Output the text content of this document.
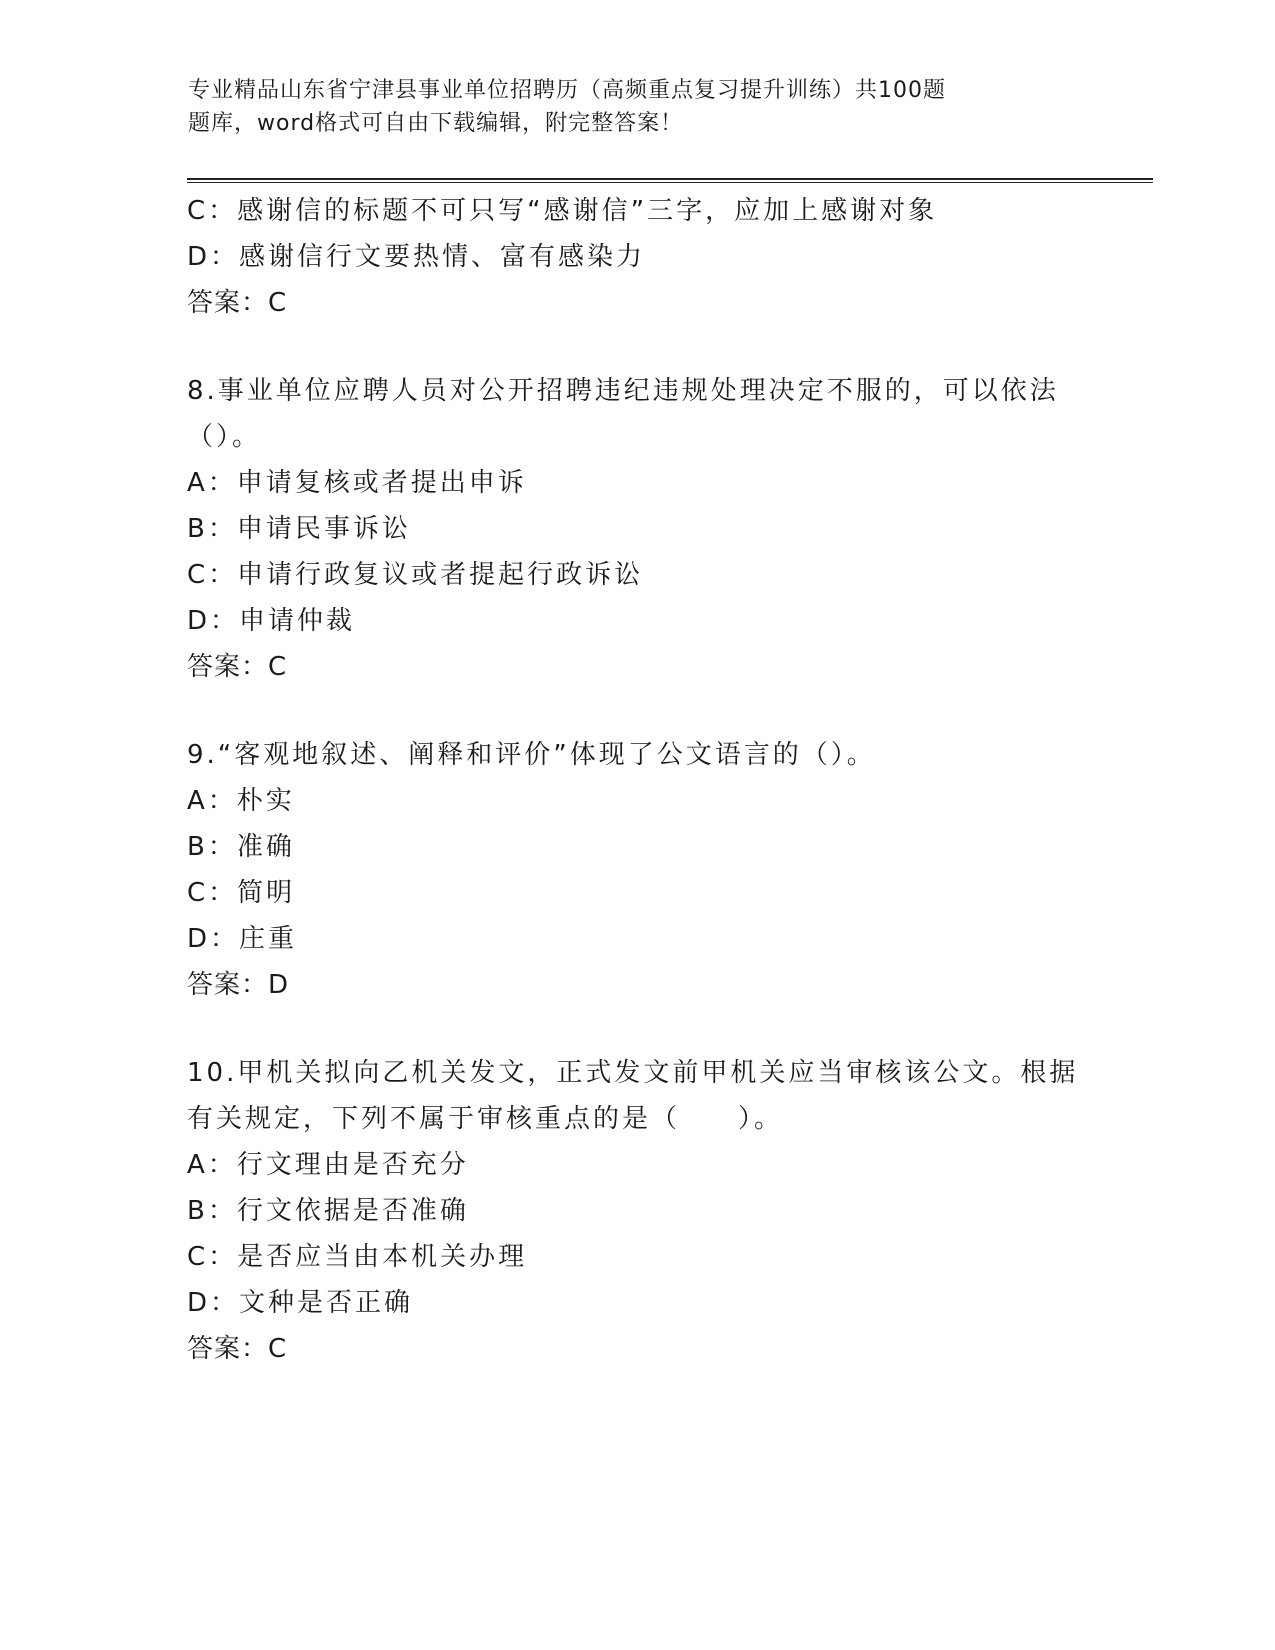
专业精品山东省宁津县事业单位招聘历（高频重点复习提升训练）共100题
题库，word格式可自由下载编辑，附完整答案！
C：感谢信的标题不可只写“感谢信”三字，应加上感谢对象
D：感谢信行文要热情、富有感染力
答案：C
8.事业单位应聘人员对公开招聘违纪违规处理决定不服的，可以依法
（）。
A：申请复核或者提出申诉
B：申请民事诉讼
C：申请行政复议或者提起行政诉讼
D：申请仲裁
答案：C
9.“客观地叙述、阐释和评价”体现了公文语言的（）。
A：朴实
B：准确
C：简明
D：庄重
答案：D
10.甲机关拟向乙机关发文，正式发文前甲机关应当审核该公文。根据
有关规定，下列不属于审核重点的是（　　）。
A：行文理由是否充分
B：行文依据是否准确
C：是否应当由本机关办理
D：文种是否正确
答案：C
